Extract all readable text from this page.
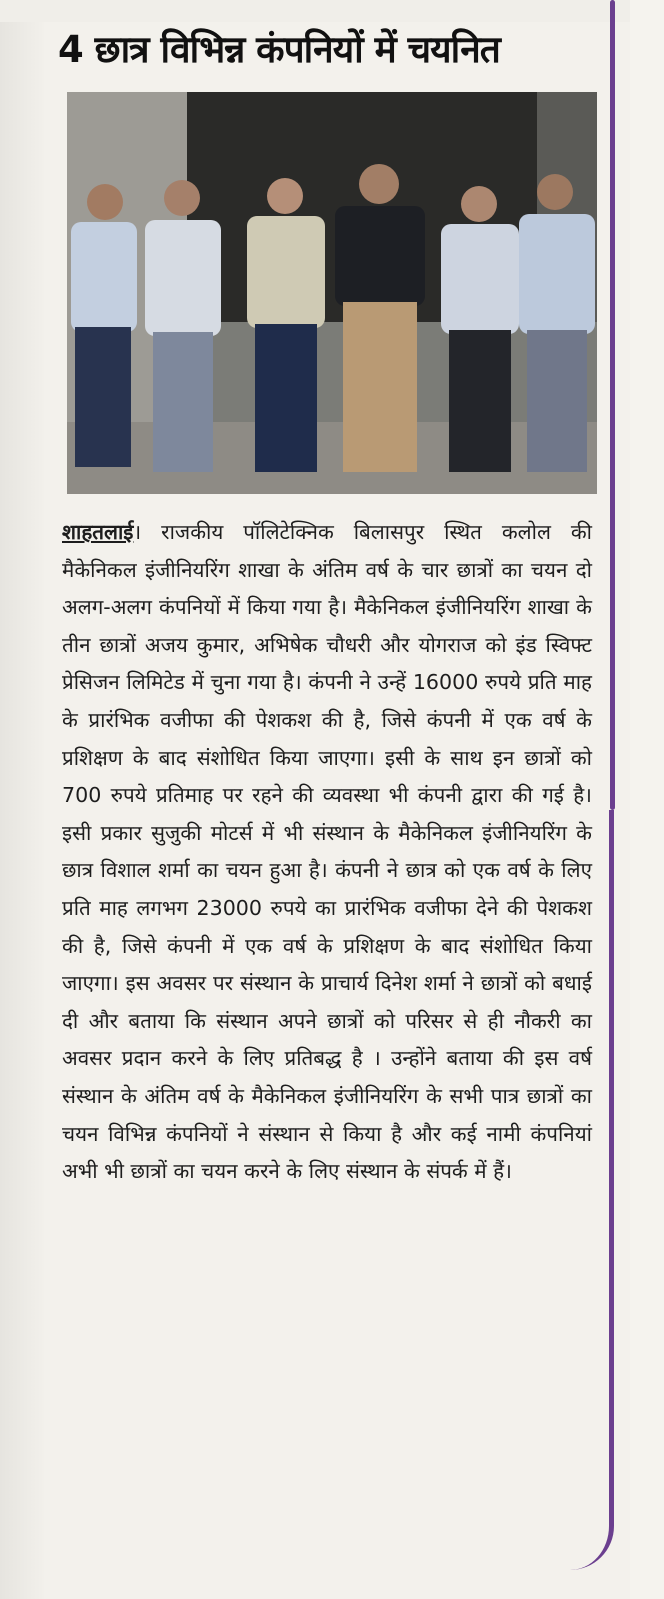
4 छात्र विभिन्न कंपनियों में चयनित
शाहतलाई। राजकीय पॉलिटेक्निक बिलासपुर स्थित कलोल की मैकेनिकल इंजीनियरिंग शाखा के अंतिम वर्ष के चार छात्रों का चयन दो अलग-अलग कंपनियों में किया गया है। मैकेनिकल इंजीनियरिंग शाखा के तीन छात्रों अजय कुमार, अभिषेक चौधरी और योगराज को इंड स्विफ्ट प्रेसिजन लिमिटेड में चुना गया है। कंपनी ने उन्हें 16000 रुपये प्रति माह के प्रारंभिक वजीफा की पेशकश की है, जिसे कंपनी में एक वर्ष के प्रशिक्षण के बाद संशोधित किया जाएगा। इसी के साथ इन छात्रों को 700 रुपये प्रतिमाह पर रहने की व्यवस्था भी कंपनी द्वारा की गई है। इसी प्रकार सुजुकी मोटर्स में भी संस्थान के मैकेनिकल इंजीनियरिंग के छात्र विशाल शर्मा का चयन हुआ है। कंपनी ने छात्र को एक वर्ष के लिए प्रति माह लगभग 23000 रुपये का प्रारंभिक वजीफा देने की पेशकश की है, जिसे कंपनी में एक वर्ष के प्रशिक्षण के बाद संशोधित किया जाएगा। इस अवसर पर संस्थान के प्राचार्य दिनेश शर्मा ने छात्रों को बधाई दी और बताया कि संस्थान अपने छात्रों को परिसर से ही नौकरी का अवसर प्रदान करने के लिए प्रतिबद्ध है । उन्होंने बताया की इस वर्ष संस्थान के अंतिम वर्ष के मैकेनिकल इंजीनियरिंग के सभी पात्र छात्रों का चयन विभिन्न कंपनियों ने संस्थान से किया है और कई नामी कंपनियां अभी भी छात्रों का चयन करने के लिए संस्थान के संपर्क में हैं।
